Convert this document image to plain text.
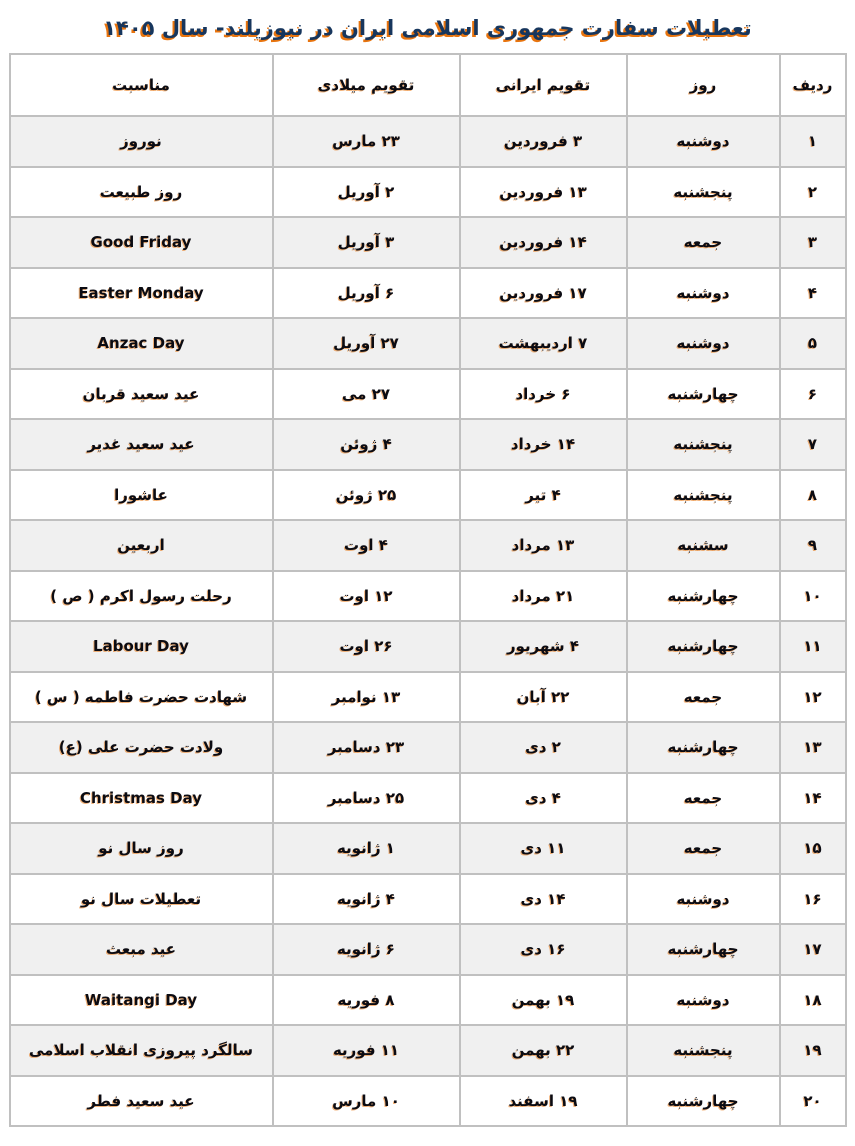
تعطیلات سفارت جمهوری اسلامی ایران در نیوزیلند- سال ۱۴۰۵
ردیف	روز	تقویم ایرانی	تقویم میلادی	مناسبت
۱	دوشنبه	۳ فروردین	۲۳ مارس	نوروز
۲	پنجشنبه	۱۳ فروردین	۲ آوریل	روز طبیعت
۳	جمعه	۱۴ فروردین	۳ آوریل	Good Friday
۴	دوشنبه	۱۷ فروردین	۶ آوریل	Easter Monday
۵	دوشنبه	۷ اردیبهشت	۲۷ آوریل	Anzac Day
۶	چهارشنبه	۶ خرداد	۲۷ می	عید سعید قربان
۷	پنجشنبه	۱۴ خرداد	۴ ژوئن	عید سعید غدیر
۸	پنجشنبه	۴ تیر	۲۵ ژوئن	عاشورا
۹	سشنبه	۱۳ مرداد	۴ اوت	اربعین
۱۰	چهارشنبه	۲۱ مرداد	۱۲ اوت	رحلت رسول اکرم ( ص )
۱۱	چهارشنبه	۴ شهریور	۲۶ اوت	Labour Day
۱۲	جمعه	۲۲ آبان	۱۳ نوامبر	شهادت حضرت فاطمه ( س )
۱۳	چهارشنبه	۲ دی	۲۳ دسامبر	ولادت حضرت علی (ع)
۱۴	جمعه	۴ دی	۲۵ دسامبر	Christmas Day
۱۵	جمعه	۱۱ دی	۱ ژانویه	روز سال نو
۱۶	دوشنبه	۱۴ دی	۴ ژانویه	تعطیلات سال نو
۱۷	چهارشنبه	۱۶ دی	۶ ژانویه	عید مبعث
۱۸	دوشنبه	۱۹ بهمن	۸ فوریه	Waitangi Day
۱۹	پنجشنبه	۲۲ بهمن	۱۱ فوریه	سالگرد پیروزی انقلاب اسلامی
۲۰	چهارشنبه	۱۹ اسفند	۱۰ مارس	عید سعید فطر
